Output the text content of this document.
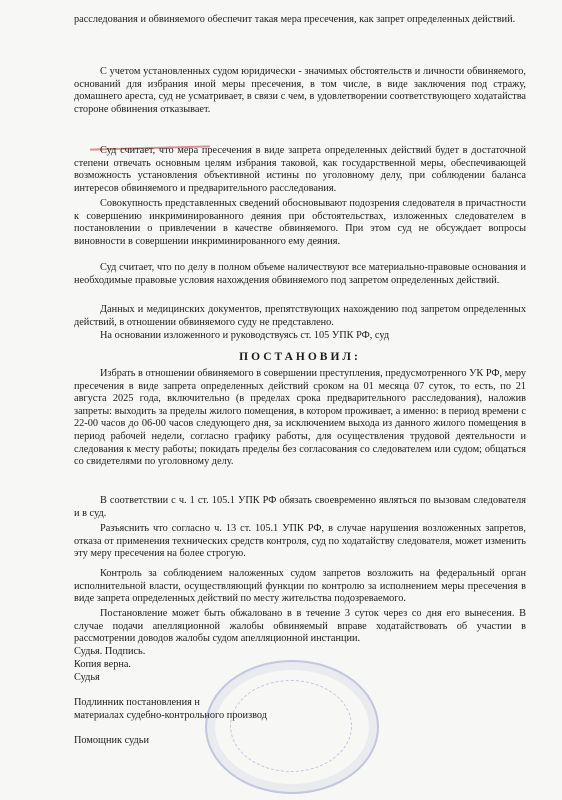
расследования и обвиняемого обеспечит такая мера пресечения, как запрет определенных действий.

С учетом установленных судом юридически - значимых обстоятельств и личности обвиняемого, оснований для избрания иной меры пресечения, в том числе, в виде заключения под стражу, домашнего ареста, суд не усматривает, в связи с чем, в удовлетворении соответствующего ходатайства стороне обвинения отказывает.

Суд считает, что мера пресечения в виде запрета определенных действий будет в достаточной степени отвечать основным целям избрания таковой, как государственной меры, обеспечивающей возможность установления объективной истины по уголовному делу, при соблюдении баланса интересов обвиняемого и предварительного расследования.

Совокупность представленных сведений обосновывают подозрения следователя в причастности к совершению инкриминированного деяния при обстоятельствах, изложенных следователем в постановлении о привлечении в качестве обвиняемого. При этом суд не обсуждает вопросы виновности в совершении инкриминированного ему деяния.

Суд считает, что по делу в полном объеме наличествуют все материально-правовые основания и необходимые правовые условия нахождения обвиняемого под запретом определенных действий.

Данных и медицинских документов, препятствующих нахождению под запретом определенных действий, в отношении обвиняемого суду не представлено.

На основании изложенного и руководствуясь ст. 105 УПК РФ, суд

ПОСТАНОВИЛ:

Избрать в отношении обвиняемого в совершении преступления, предусмотренного УК РФ, меру пресечения в виде запрета определенных действий сроком на 01 месяца 07 суток, то есть, по 21 августа 2025 года, включительно (в пределах срока предварительного расследования), наложив запреты: выходить за пределы жилого помещения, в котором проживает, а именно: в период времени с 22-00 часов до 06-00 часов следующего дня, за исключением выхода из данного жилого помещения в период рабочей недели, согласно графику работы, для осуществления трудовой деятельности и следования к месту работы; покидать пределы без согласования со следователем или судом; общаться со свидетелями по уголовному делу.

В соответствии с ч. 1 ст. 105.1 УПК РФ обязать своевременно являться по вызовам следователя и в суд.

Разъяснить что согласно ч. 13 ст. 105.1 УПК РФ, в случае нарушения возложенных запретов, отказа от применения технических средств контроля, суд по ходатайству следователя, может изменить эту меру пресечения на более строгую.

Контроль за соблюдением наложенных судом запретов возложить на федеральный орган исполнительной власти, осуществляющий функции по контролю за исполнением меры пресечения в виде запрета определенных действий по месту жительства подозреваемого.

Постановление может быть обжаловано в в течение 3 суток через со дня его вынесения. В случае подачи апелляционной жалобы обвиняемый вправе ходатайствовать об участии в рассмотрении доводов жалобы судом апелляционной инстанции.

Судья. Подпись.
Копия верна.
Судья
Подлинник постановления н
материалах судебно-контрольного производ
Помощник судьи
